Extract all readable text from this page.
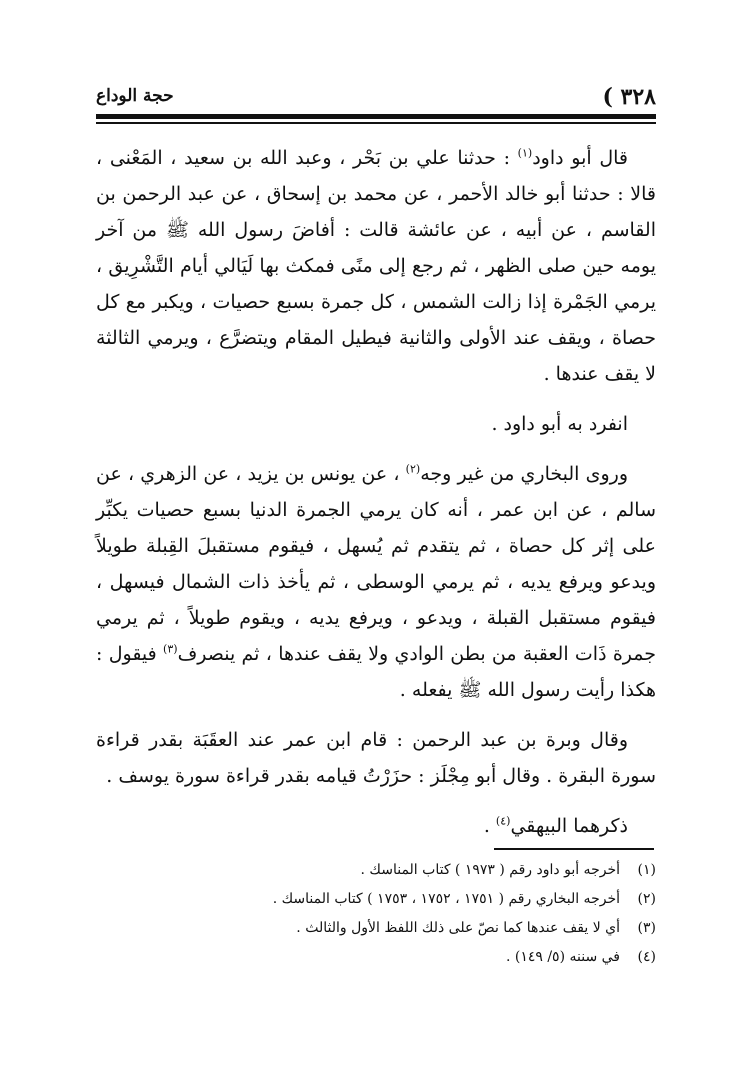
٣٢٨ )
حجة الوداع

قال أبو داود$^{(١)}$ : حدثنا علي بن بَحْر ، وعبد الله بن سعيد ، المَعْنى ، قالا : حدثنا أبو خالد الأحمر ، عن محمد بن إسحاق ، عن عبد الرحمن بن القاسم ، عن أبيه ، عن عائشة قالت : أفاضَ رسول الله ﷺ من آخر يومه حين صلى الظهر ، ثم رجع إلى منًى فمكث بها لَيَالي أيام التَّشْرِيق ، يرمي الجَمْرة إذا زالت الشمس ، كل جمرة بسبع حصيات ، ويكبر مع كل حصاة ، ويقف عند الأولى والثانية فيطيل المقام ويتضرَّع ، ويرمي الثالثة لا يقف عندها .

انفرد به أبو داود .

وروى البخاري من غير وجه$^{(٢)}$ ، عن يونس بن يزيد ، عن الزهري ، عن سالم ، عن ابن عمر ، أنه كان يرمي الجمرة الدنيا بسبع حصيات يكبِّر على إثر كل حصاة ، ثم يتقدم ثم يُسهل ، فيقوم مستقبلَ القِبلة طويلاً ويدعو ويرفع يديه ، ثم يرمي الوسطى ، ثم يأخذ ذات الشمال فيسهل ، فيقوم مستقبل القبلة ، ويدعو ، ويرفع يديه ، ويقوم طويلاً ، ثم يرمي جمرة ذَات العقبة من بطن الوادي ولا يقف عندها ، ثم ينصرف$^{(٣)}$ فيقول : هكذا رأيت رسول الله ﷺ يفعله .

وقال وبرة بن عبد الرحمن : قام ابن عمر عند العقَبَة بقدر قراءة سورة البقرة . وقال أبو مِجْلَز : حزَرْتُ قيامه بقدر قراءة سورة يوسف .

ذكرهما البيهقي$^{(٤)}$ .

(١)أخرجه أبو داود رقم ( ١٩٧٣ ) كتاب المناسك .
(٢)أخرجه البخاري رقم ( ١٧٥١ ، ١٧٥٢ ، ١٧٥٣ ) كتاب المناسك .
(٣)أي لا يقف عندها كما نصّ على ذلك اللفظ الأول والثالث .
(٤)في سننه (٥/ ١٤٩) .
